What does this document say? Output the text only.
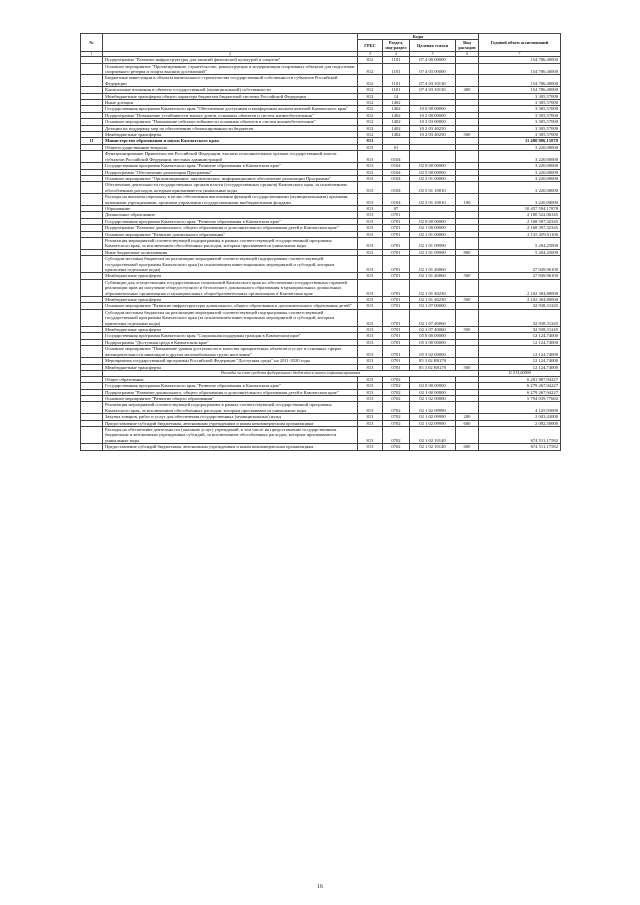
№		Коды				Годовой объем ассигнований
		ГРБС	Раздел, под-раздел	Целевая статья	Вид расходов	
1	2	3	4	5	6	7
	Подпрограмма "Развитие инфраструктуры для занятий физической культурой и спортом"	812	1101	07 4 00 00000		154 786,40000
	Основное мероприятие "Проектирование, строительство, реконструкция и модернизация спортивных объектов для подготовки спортивного резерва и спорта высших достижений"	812	1101	07 4 03 00000		154 786,40000
	Бюджетные инвестиции в объекты капитального строительства государственной собственности субъектов Российской Федерации	812	1101	07 4 03 10130		154 786,40000
	Капитальные вложения в объекты государственной (муниципальной) собственности	812	1101	07 4 03 10130	400	154 786,40000
	Межбюджетные трансферты общего характера бюджетам бюджетной системы Российской Федерации	812	14			3 305,57000
	Иные дотации	812	1402			3 305,57000
	Государственная программа Камчатского края "Обеспечение доступным и комфортным жильем жителей Камчатского края"	812	1402	10 0 00 00000		3 305,57000
	Подпрограмма "Повышение устойчивости жилых домов, основных объектов и систем жизнеобеспечения"	812	1402	10 2 00 00000		3 305,57000
	Основное мероприятие "Повышение сейсмоустойчивости основных объектов и систем жизнеобеспечения"	812	1402	10 2 03 00000		3 305,57000
	Дотации на поддержку мер по обеспечению сбалансированности бюджетов	812	1402	10 2 03 40250		3 305,57000
	Межбюджетные трансферты	812	1402	10 2 03 40250	500	3 305,57000
11	Министерство образования и науки Камчатского края	813				11 480 886,15878
	Общегосударственные вопросы	813	01			3 220,00000
	Функционирование Правительства Российской Федерации, высших исполнительных органов государственной власти субъектов Российской Федерации, местных администраций	813	0104			3 220,00000
	Государственная программа Камчатского края "Развитие образования в Камчатском крае"	813	0104	02 0 00 00000		3 220,00000
	Подпрограмма "Обеспечение реализации Программы"	813	0104	02 5 00 00000		3 220,00000
	Основное мероприятие "Организационное, аналитическое, информационное обеспечение реализации Программы"	813	0104	02 5 01 00000		3 220,00000
	Обеспечение деятельности государственных органов власти (государственных органов) Камчатского края, за исключением обособленных расходов, которым присваиваются уникальные коды	813	0104	02 5 01 10010		3 220,00000
	Расходы на выплаты персоналу в целях обеспечения выполнения функций государственными (муниципальными) органами, казенными учреждениями, органами управления государственными внебюджетными фондами	813	0104	02 5 01 10010	100	3 220,00000
	Образование	813	07			10 457 594,17878
	Дошкольное образование	813	0701			2 180 522,06345
	Государственная программа Камчатского края "Развитие образования в Камчатском крае"	813	0701	02 0 00 00000		2 168 397,32345
	Подпрограмма "Развитие дошкольного, общего образования и дополнительного образования детей в Камчатском крае"	813	0701	02 1 00 00000		2 168 397,32345
	Основное мероприятие "Развитие дошкольного образования"	813	0701	02 1 01 00000		2 135 459,01100
	Реализация мероприятий соответствующей подпрограммы в рамках соответствующей государственной программы Камчатского края, за исключением обособленных расходов, которым присваиваются уникальные коды	813	0701	02 1 01 09990		5 204,25000
	Иные бюджетные ассигнования	813	0701	02 1 01 09990	800	5 204,25000
	Субсидии местным бюджетам на реализацию мероприятий соответствующей подпрограммы соответствующей государственной программы Камчатского края (за исключением инвестиционных мероприятий и субсидий, которым присвоены отдельные коды)	813	0701	02 1 01 40060		27 949,96100
	Межбюджетные трансферты	813	0701	02 1 01 40060	500	27 949,96100
	Субвенции для осуществления государственных полномочий Камчатского края по обеспечению государственных гарантий реализации прав на получение общедоступного и бесплатного дошкольного образования в муниципальных дошкольных образовательных организациях и муниципальных общеобразовательных организациях в Камчатском крае	813	0701	02 1 01 40230		2 102 304,80000
	Межбюджетные трансферты	813	0701	02 1 01 40230	500	2 102 304,80000
	Основное мероприятие "Развитие инфраструктуры дошкольного, общего образования и дополнительного образования детей"	813	0701	02 1 07 00000		32 938,31245
	Субсидии местным бюджетам на реализацию мероприятий соответствующей подпрограммы соответствующей государственной программы Камчатского края (за исключением инвестиционных мероприятий и субсидий, которым присвоены отдельные коды)	813	0701	02 1 07 40060		32 938,31245
	Межбюджетные трансферты	813	0701	02 1 07 40060	500	32 938,31245
	Государственная программа Камчатского края "Социальная поддержка граждан в Камчатском крае"	813	0701	05 0 00 00000		12 124,74000
	Подпрограмма "Доступная среда в Камчатском крае"	813	0701	05 3 00 00000		12 124,74000
	Основное мероприятие "Повышение уровня доступности и качества приоритетных объектов и услуг в основных сферах жизнедеятельности инвалидов и других маломобильных групп населения"	813	0701	05 3 02 00000		12 124,74000
	Мероприятия государственной программы Российской Федерации "Доступная среда" на 2011-2020 годы	813	0701	05 3 02 R0270		12 124,74000
	Межбюджетные трансферты	813	0701	05 3 02 R0270	500	12 124,74000
	Расходы за счет средств федерального бюджета в части софинансирования					11 515,60000
	Общее образование	813	0702			6 281 887,94227
	Государственная программа Камчатского края "Развитие образования в Камчатском крае"	813	0702	02 0 00 00000		6 279 267,94227
	Подпрограмма "Развитие дошкольного, общего образования и дополнительного образования детей в Камчатском крае"	813	0702	02 1 00 00000		6 279 267,94227
	Основное мероприятие "Развитие общего образования"	813	0702	02 1 02 00000		5 794 039,77682
	Реализация мероприятий соответствующей подпрограммы в рамках соответствующей государственной программы Камчатского края, за исключением обособленных расходов, которым присваиваются уникальные коды	813	0702	02 1 02 09990		4 125,93000
	Закупка товаров, работ и услуг для обеспечения государственных (муниципальных) нужд	813	0702	02 1 02 09990	200	2 043,43000
	Предоставление субсидий бюджетным, автономным учреждениям и иным некоммерческим организациям	813	0702	02 1 02 09990	600	2 082,50000
	Расходы на обеспечение деятельности (оказание услуг) учреждений, в том числе на предоставление государственным бюджетным и автономным учреждениям субсидий, за исключением обособленных расходов, которым присваиваются уникальные коды	813	0702	02 1 02 10140		674 511,17582
	Предоставление субсидий бюджетным, автономным учреждениям и иным некоммерческим организациям	813	0702	02 1 02 10140	600	674 511,17582
16
